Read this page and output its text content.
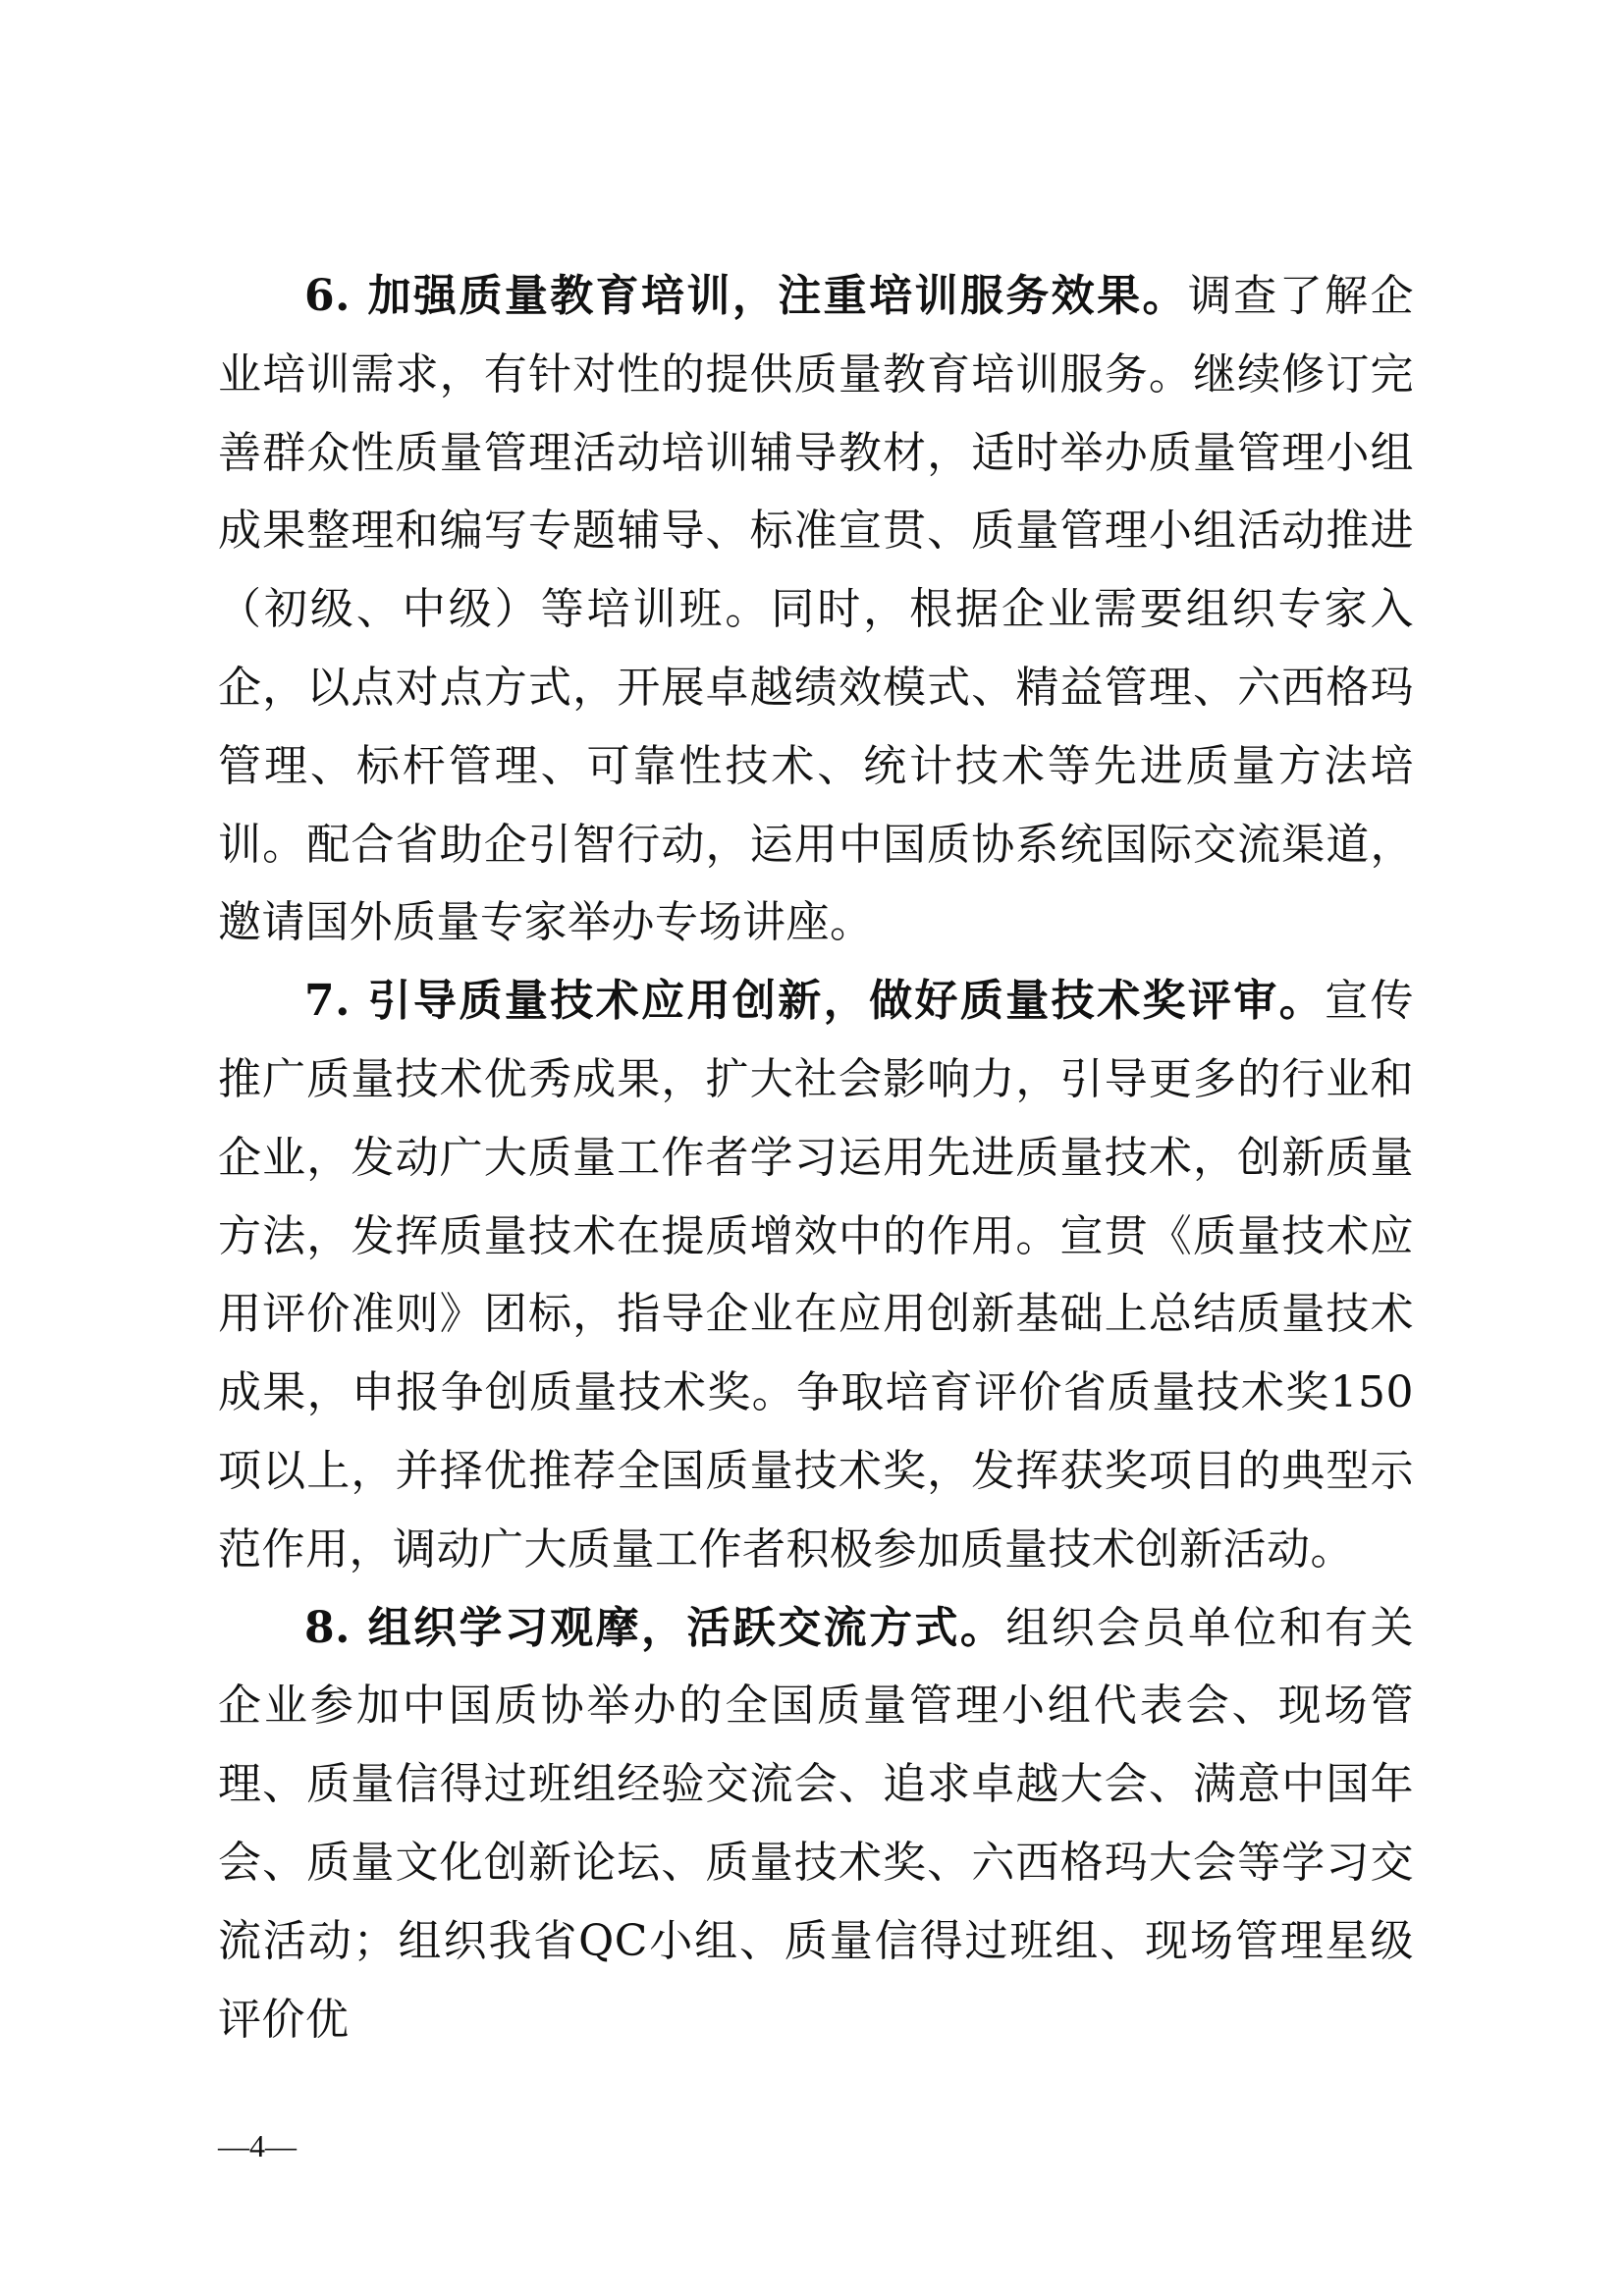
6. 加强质量教育培训，注重培训服务效果。调查了解企业培训需求，有针对性的提供质量教育培训服务。继续修订完善群众性质量管理活动培训辅导教材，适时举办质量管理小组成果整理和编写专题辅导、标准宣贯、质量管理小组活动推进（初级、中级）等培训班。同时，根据企业需要组织专家入企，以点对点方式，开展卓越绩效模式、精益管理、六西格玛管理、标杆管理、可靠性技术、统计技术等先进质量方法培训。配合省助企引智行动，运用中国质协系统国际交流渠道，邀请国外质量专家举办专场讲座。

7. 引导质量技术应用创新，做好质量技术奖评审。宣传推广质量技术优秀成果，扩大社会影响力，引导更多的行业和企业，发动广大质量工作者学习运用先进质量技术，创新质量方法，发挥质量技术在提质增效中的作用。宣贯《质量技术应用评价准则》团标，指导企业在应用创新基础上总结质量技术成果，申报争创质量技术奖。争取培育评价省质量技术奖150项以上，并择优推荐全国质量技术奖，发挥获奖项目的典型示范作用，调动广大质量工作者积极参加质量技术创新活动。

8. 组织学习观摩，活跃交流方式。组织会员单位和有关企业参加中国质协举办的全国质量管理小组代表会、现场管理、质量信得过班组经验交流会、追求卓越大会、满意中国年会、质量文化创新论坛、质量技术奖、六西格玛大会等学习交流活动；组织我省QC小组、质量信得过班组、现场管理星级评价优

—4—
